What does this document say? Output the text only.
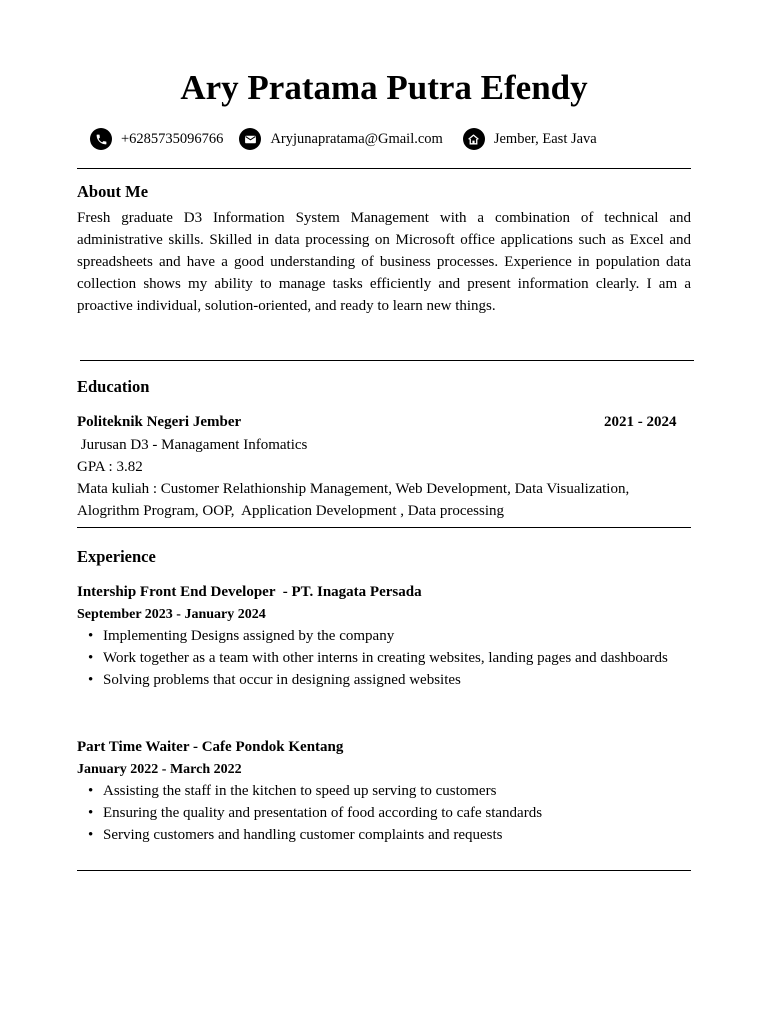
Ary Pratama Putra Efendy
+6285735096766	Aryjunapratama@Gmail.com	Jember, East Java
About Me

Fresh graduate D3 Information System Management with a combination of technical and administrative skills. Skilled in data processing on Microsoft office applications such as Excel and spreadsheets and have a good understanding of business processes. Experience in population data collection shows my ability to manage tasks efficiently and present information clearly. I am a proactive individual, solution-oriented, and ready to learn new things.

Education
Politeknik Negeri Jember	2021 - 2024
Jurusan D3 - Managament Infomatics
GPA : 3.82
Mata kuliah : Customer Relathionship Management, Web Development, Data Visualization,
Alogrithm Program, OOP,  Application Development , Data processing
Experience
Intership Front End Developer  - PT. Inagata Persada
September 2023 - January 2024
• Implementing Designs assigned by the company
• Work together as a team with other interns in creating websites, landing pages and dashboards
• Solving problems that occur in designing assigned websites
Part Time Waiter - Cafe Pondok Kentang
January 2022 - March 2022
• Assisting the staff in the kitchen to speed up serving to customers
• Ensuring the quality and presentation of food according to cafe standards
• Serving customers and handling customer complaints and requests
